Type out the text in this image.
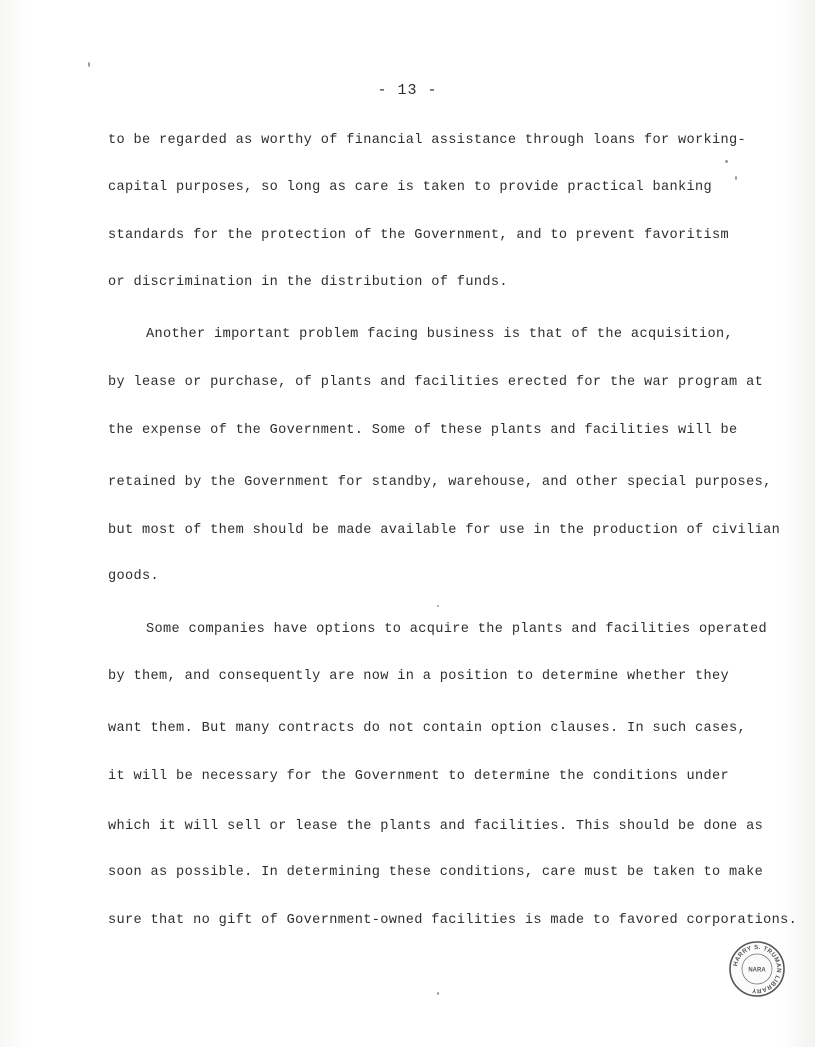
- 13 -
to be regarded as worthy of financial assistance through loans for working-
capital purposes, so long as care is taken to provide practical banking
standards for the protection of the Government, and to prevent favoritism
or discrimination in the distribution of funds.
Another important problem facing business is that of the acquisition,
by lease or purchase, of plants and facilities erected for the war program at
the expense of the Government. Some of these plants and facilities will be
retained by the Government for standby, warehouse, and other special purposes,
but most of them should be made available for use in the production of civilian
goods.
Some companies have options to acquire the plants and facilities operated
by them, and consequently are now in a position to determine whether they
want them. But many contracts do not contain option clauses. In such cases,
it will be necessary for the Government to determine the conditions under
which it will sell or lease the plants and facilities. This should be done as
soon as possible. In determining these conditions, care must be taken to make
sure that no gift of Government-owned facilities is made to favored corporations.
HARRY S. TRUMAN LIBRARY
NARA
